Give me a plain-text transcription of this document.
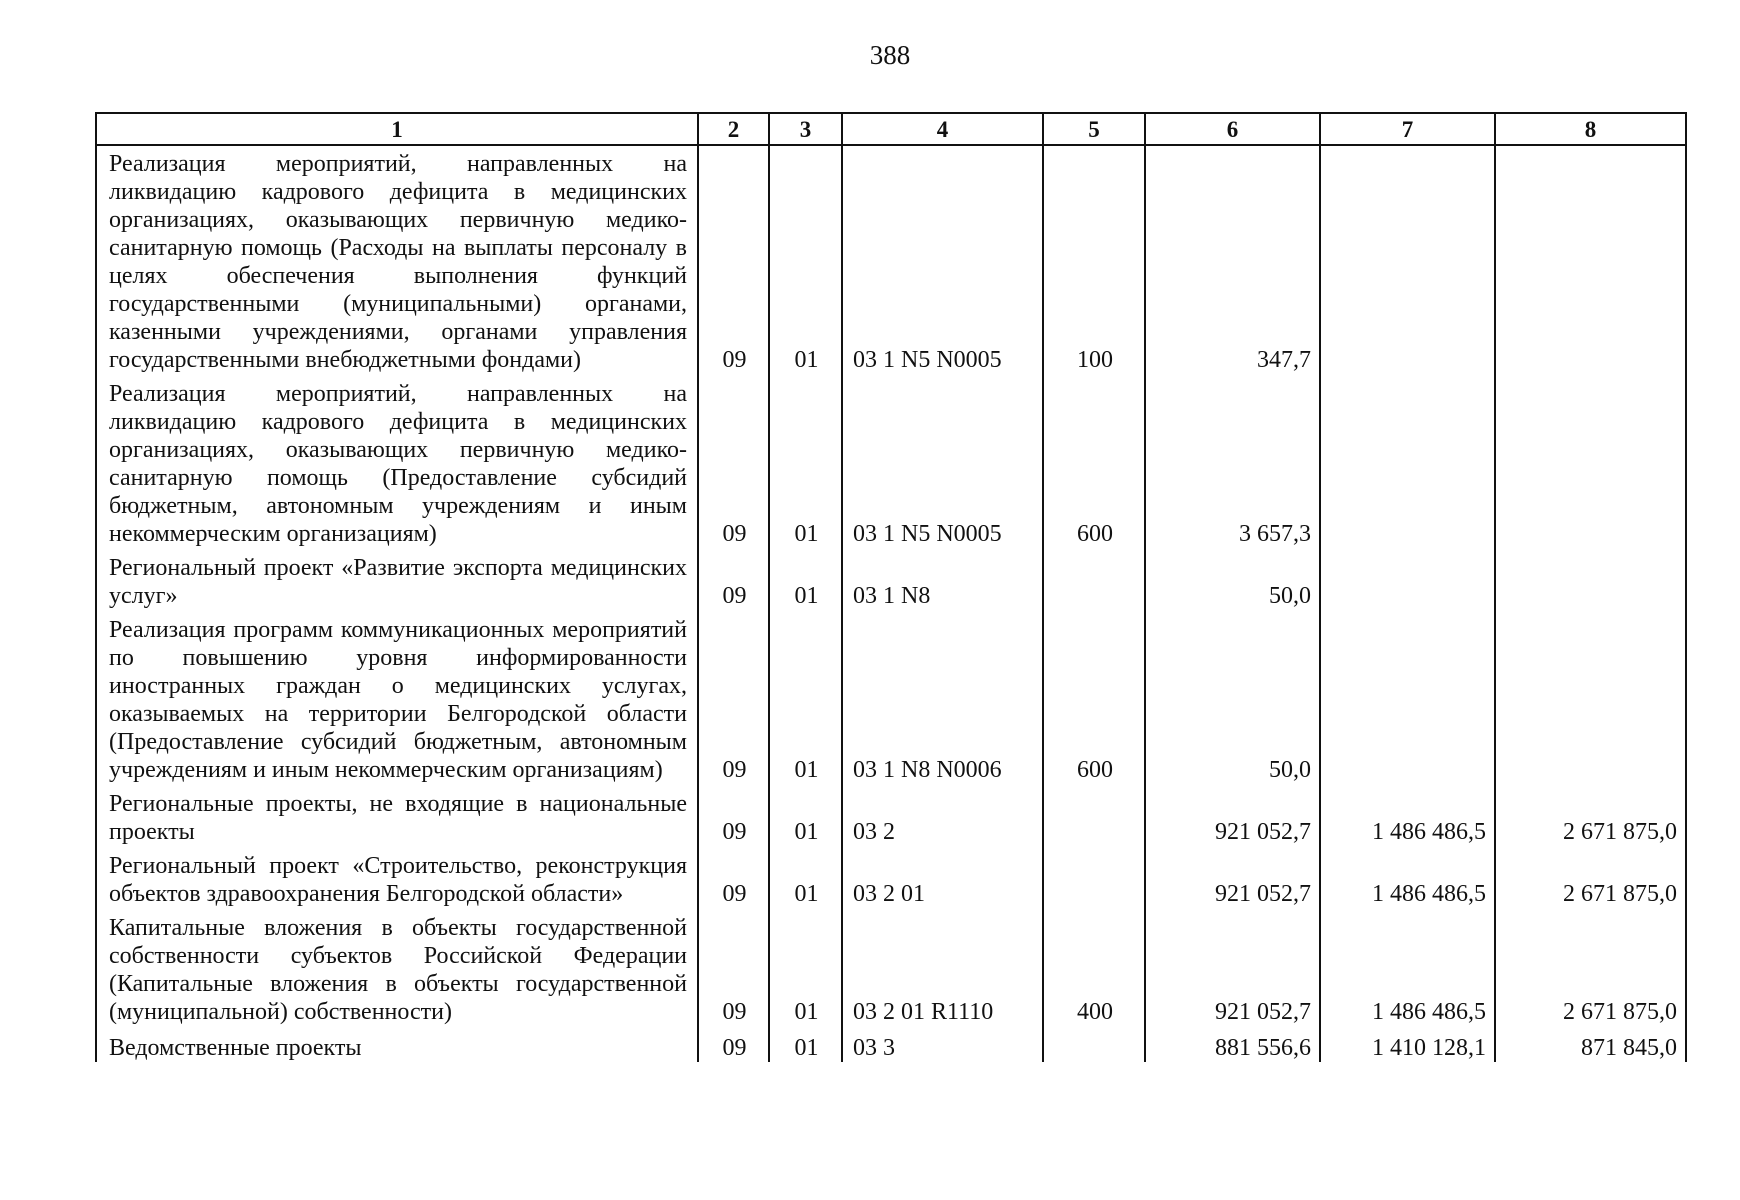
388
1	2	3	4	5	6	7	8
Реализация мероприятий, направленных на ликвидацию кадрового дефицита в медицинских организациях, оказывающих первичную медико-санитарную помощь (Расходы на выплаты персоналу в целях обеспечения выполнения функций государственными (муниципальными) органами, казенными учреждениями, органами управления государственными внебюджетными фондами)	09	01	03 1 N5 N0005	100	347,7		
Реализация мероприятий, направленных на ликвидацию кадрового дефицита в медицинских организациях, оказывающих первичную медико-санитарную помощь (Предоставление субсидий бюджетным, автономным учреждениям и иным некоммерческим организациям)	09	01	03 1 N5 N0005	600	3 657,3		
Региональный проект «Развитие экспорта медицинских услуг»	09	01	03 1 N8		50,0		
Реализация программ коммуникационных мероприятий по повышению уровня информированности иностранных граждан о медицинских услугах, оказываемых на территории Белгородской области (Предоставление субсидий бюджетным, автономным учреждениям и иным некоммерческим организациям)	09	01	03 1 N8 N0006	600	50,0		
Региональные проекты, не входящие в национальные проекты	09	01	03 2		921 052,7	1 486 486,5	2 671 875,0
Региональный проект «Строительство, реконструкция объектов здравоохранения Белгородской области»	09	01	03 2 01		921 052,7	1 486 486,5	2 671 875,0
Капитальные вложения в объекты государственной собственности субъектов Российской Федерации (Капитальные вложения в объекты государственной (муниципальной) собственности)	09	01	03 2 01 R1110	400	921 052,7	1 486 486,5	2 671 875,0
Ведомственные проекты	09	01	03 3		881 556,6	1 410 128,1	871 845,0
